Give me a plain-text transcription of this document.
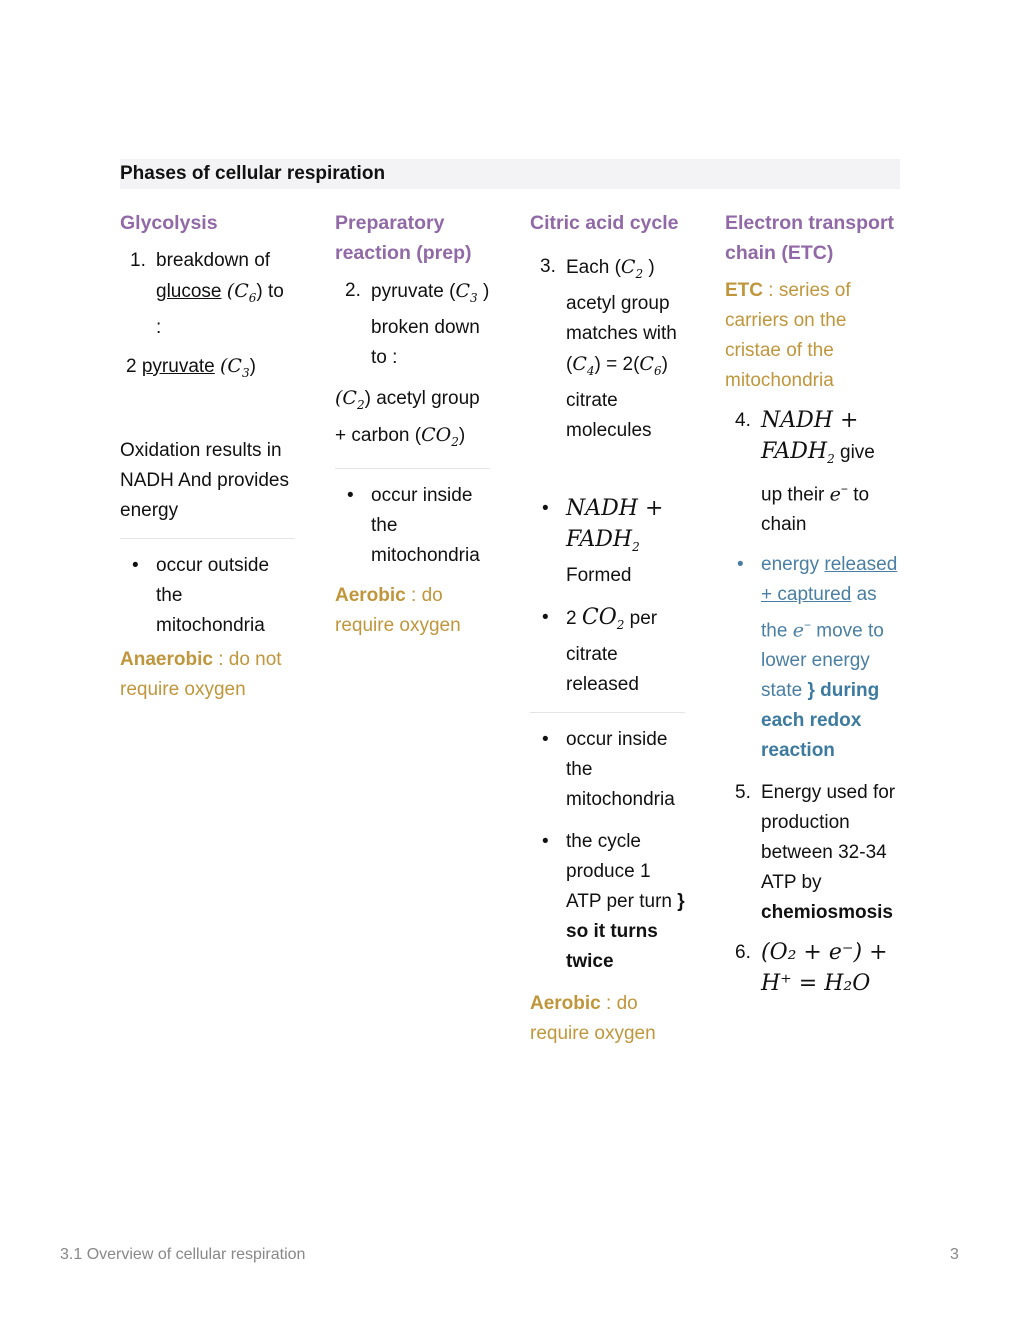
Phases of cellular respiration
Glycolysis
1. breakdown of
glucose $(C_6)$ to
:
2 pyruvate $(C_3)$
Oxidation results in NADH And provides energy
• occur outside the mitochondria
Anaerobic : do not require oxygen
Preparatory reaction (prep)
2. pyruvate ($C_3$ ) broken down to :
$(C_2)$ acetyl group + carbon $(CO_2)$
• occur inside the mitochondria
Aerobic : do require oxygen
Citric acid cycle
3. Each ($C_2$ ) acetyl group matches with $(C_4) = 2(C_6)$ citrate molecules
• NADH + $FADH_2$
Formed
• 2 $CO_2$ per citrate released
• occur inside the mitochondria
• the cycle produce 1 ATP per turn } so it turns twice
Aerobic : do require oxygen
Electron transport chain (ETC)
ETC : series of carriers on the cristae of the mitochondria
4. NADH + $FADH_2$ give up their e− to chain
• energy released + captured as the e− move to lower energy state } during each redox reaction
5. Energy used for production between 32-34 ATP by chemiosmosis
6. (O₂ + e⁻) + H⁺ = H₂O
3.1 Overview of cellular respiration	3
